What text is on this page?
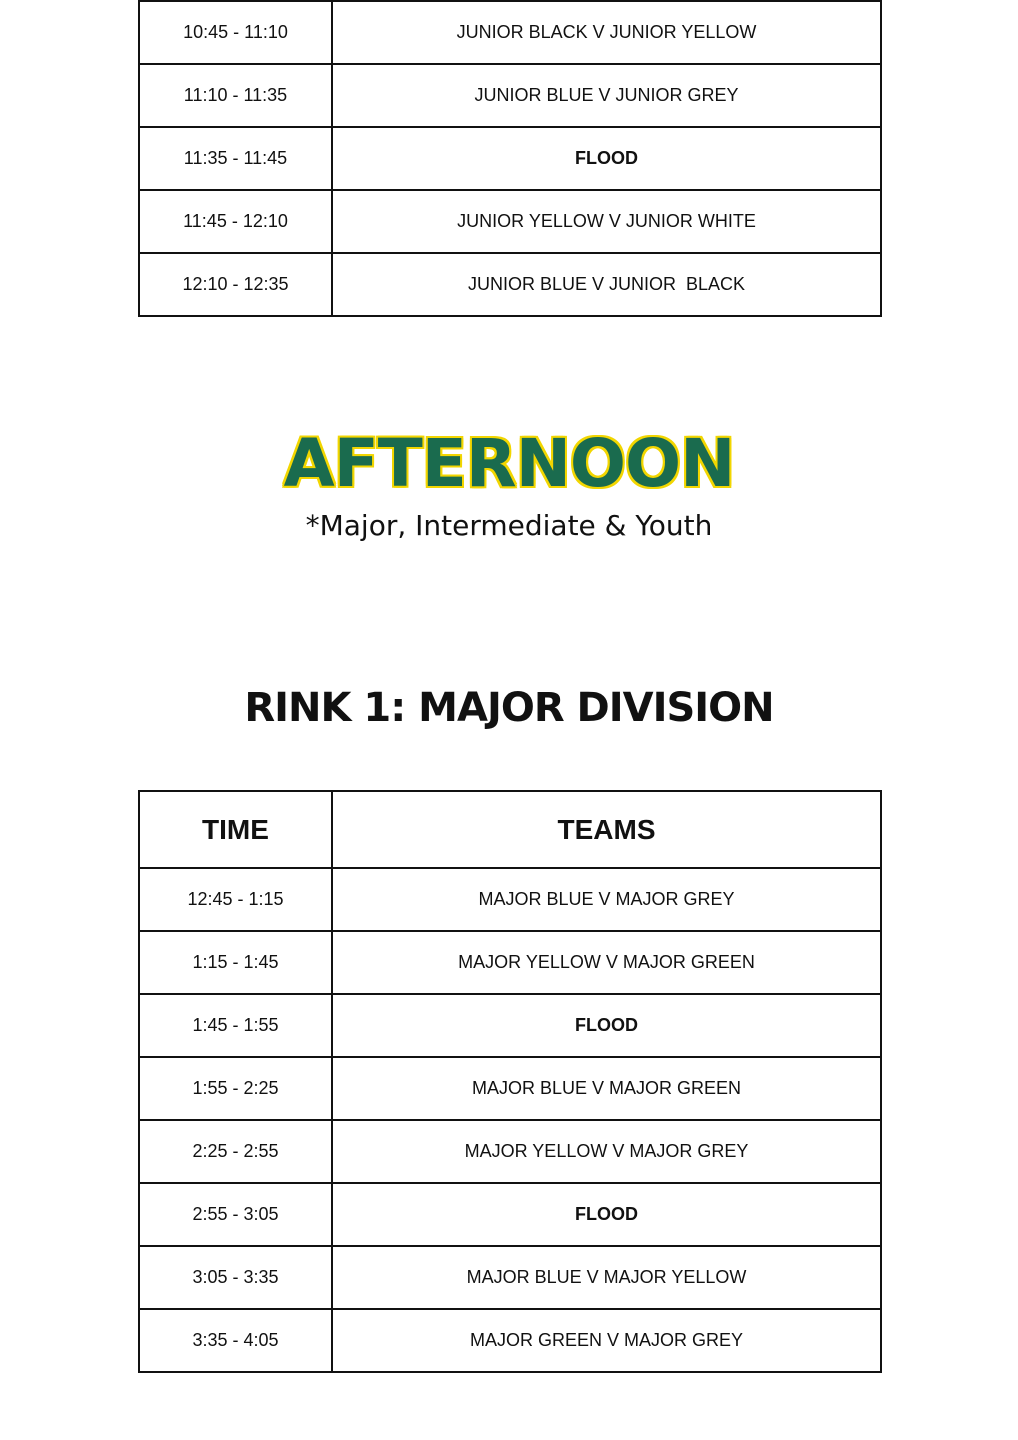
10:45 - 11:10	JUNIOR BLACK V JUNIOR YELLOW
11:10 - 11:35	JUNIOR BLUE V JUNIOR GREY
11:35 - 11:45	FLOOD
11:45 - 12:10	JUNIOR YELLOW V JUNIOR WHITE
12:10 - 12:35	JUNIOR BLUE V JUNIOR  BLACK
AFTERNOON
*Major, Intermediate & Youth
RINK 1: MAJOR DIVISION
TIME	TEAMS
12:45 - 1:15	MAJOR BLUE V MAJOR GREY
1:15 - 1:45	MAJOR YELLOW V MAJOR GREEN
1:45 - 1:55	FLOOD
1:55 - 2:25	MAJOR BLUE V MAJOR GREEN
2:25 - 2:55	MAJOR YELLOW V MAJOR GREY
2:55 - 3:05	FLOOD
3:05 - 3:35	MAJOR BLUE V MAJOR YELLOW
3:35 - 4:05	MAJOR GREEN V MAJOR GREY
